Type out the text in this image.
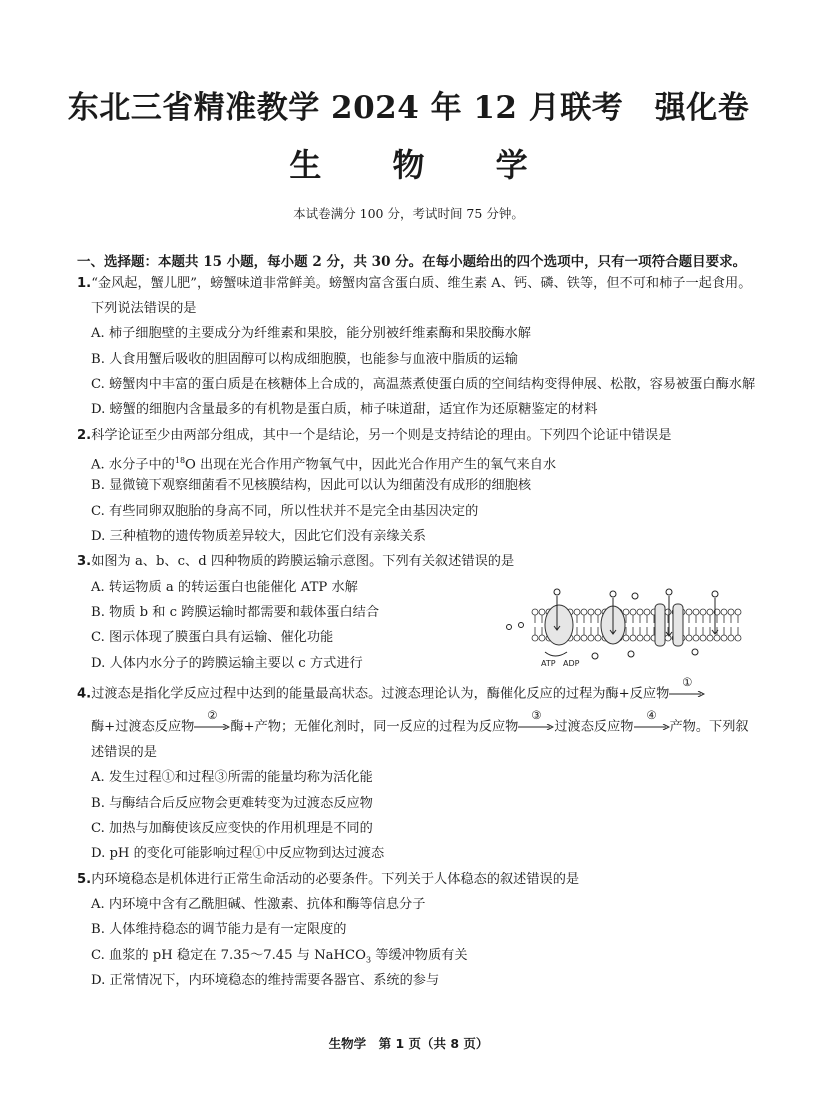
东北三省精准教学 2024 年 12 月联考　强化卷
生 物 学
本试卷满分 100 分，考试时间 75 分钟。
一、选择题：本题共 15 小题，每小题 2 分，共 30 分。在每小题给出的四个选项中，只有一项符合题目要求。
1.“金风起，蟹儿肥”，螃蟹味道非常鲜美。螃蟹肉富含蛋白质、维生素 A、钙、磷、铁等，但不可和柿子一起食用。
下列说法错误的是
A. 柿子细胞壁的主要成分为纤维素和果胶，能分别被纤维素酶和果胶酶水解
B. 人食用蟹后吸收的胆固醇可以构成细胞膜，也能参与血液中脂质的运输
C. 螃蟹肉中丰富的蛋白质是在核糖体上合成的，高温蒸煮使蛋白质的空间结构变得伸展、松散，容易被蛋白酶水解
D. 螃蟹的细胞内含量最多的有机物是蛋白质，柿子味道甜，适宜作为还原糖鉴定的材料
2.科学论证至少由两部分组成，其中一个是结论，另一个则是支持结论的理由。下列四个论证中错误是
A. 水分子中的$^{18}$O 出现在光合作用产物氧气中，因此光合作用产生的氧气来自水
B. 显微镜下观察细菌看不见核膜结构，因此可以认为细菌没有成形的细胞核
C. 有些同卵双胞胎的身高不同，所以性状并不是完全由基因决定的
D. 三种植物的遗传物质差异较大，因此它们没有亲缘关系
3.如图为 a、b、c、d 四种物质的跨膜运输示意图。下列有关叙述错误的是
A. 转运物质 a 的转运蛋白也能催化 ATP 水解
B. 物质 b 和 c 跨膜运输时都需要和载体蛋白结合
C. 图示体现了膜蛋白具有运输、催化功能
D. 人体内水分子的跨膜运输主要以 c 方式进行	ATP ADP
4.过渡态是指化学反应过程中达到的能量最高状态。过渡态理论认为，酶催化反应的过程为酶+反应物
①
酶+过渡态反应物
②
酶+产物；无催化剂时，同一反应的过程为反应物
③
过渡态反应物
④
产物。下列叙
述错误的是
A. 发生过程①和过程③所需的能量均称为活化能
B. 与酶结合后反应物会更难转变为过渡态反应物
C. 加热与加酶使该反应变快的作用机理是不同的
D. pH 的变化可能影响过程①中反应物到达过渡态
5.内环境稳态是机体进行正常生命活动的必要条件。下列关于人体稳态的叙述错误的是
A. 内环境中含有乙酰胆碱、性激素、抗体和酶等信息分子
B. 人体维持稳态的调节能力是有一定限度的
C. 血浆的 pH 稳定在 7.35～7.45 与 NaHCO$_3$ 等缓冲物质有关
D. 正常情况下，内环境稳态的维持需要各器官、系统的参与
生物学　第 1 页（共 8 页）
